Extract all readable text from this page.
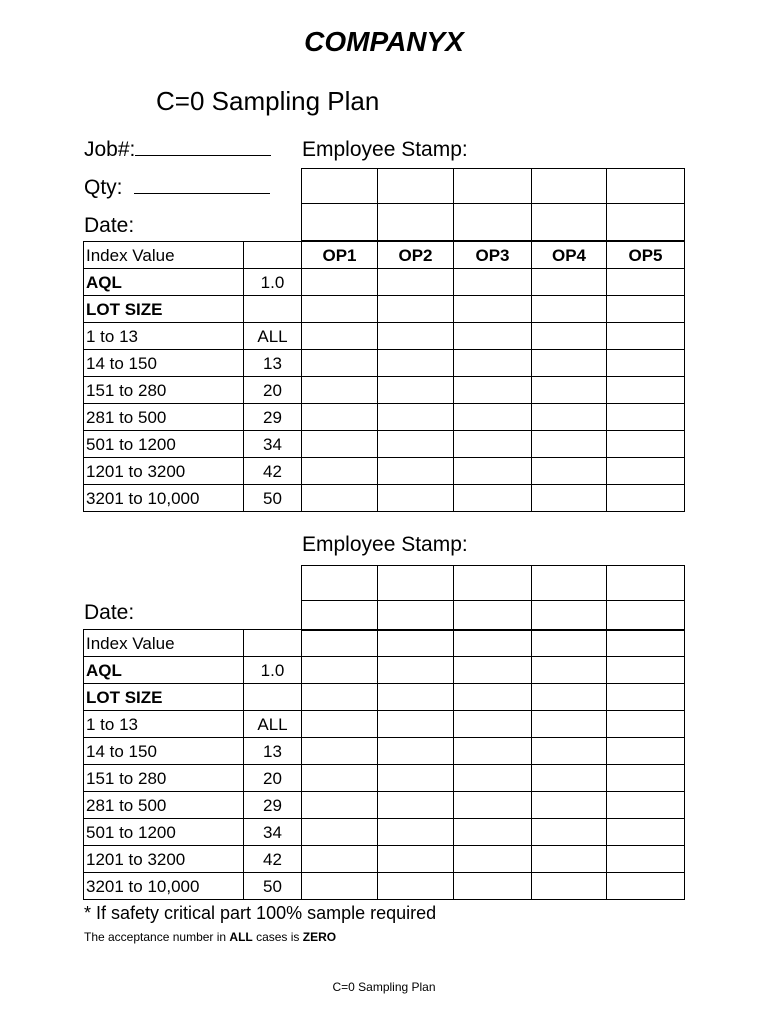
COMPANYX
C=0 Sampling Plan
Job#:	Employee Stamp:
Qty:
Date:

Index Value		OP1	OP2	OP3	OP4	OP5
AQL	1.0					
LOT SIZE						
1 to 13	ALL					
14 to 150	13					
151 to 280	20					
281 to 500	29					
501 to 1200	34					
1201 to 3200	42					
3201 to 10,000	50					
Employee Stamp:
Date:

Index Value						
AQL	1.0					
LOT SIZE						
1 to 13	ALL					
14 to 150	13					
151 to 280	20					
281 to 500	29					
501 to 1200	34					
1201 to 3200	42					
3201 to 10,000	50					
* If safety critical part 100% sample required
The acceptance number in ALL cases is ZERO
C=0 Sampling Plan
